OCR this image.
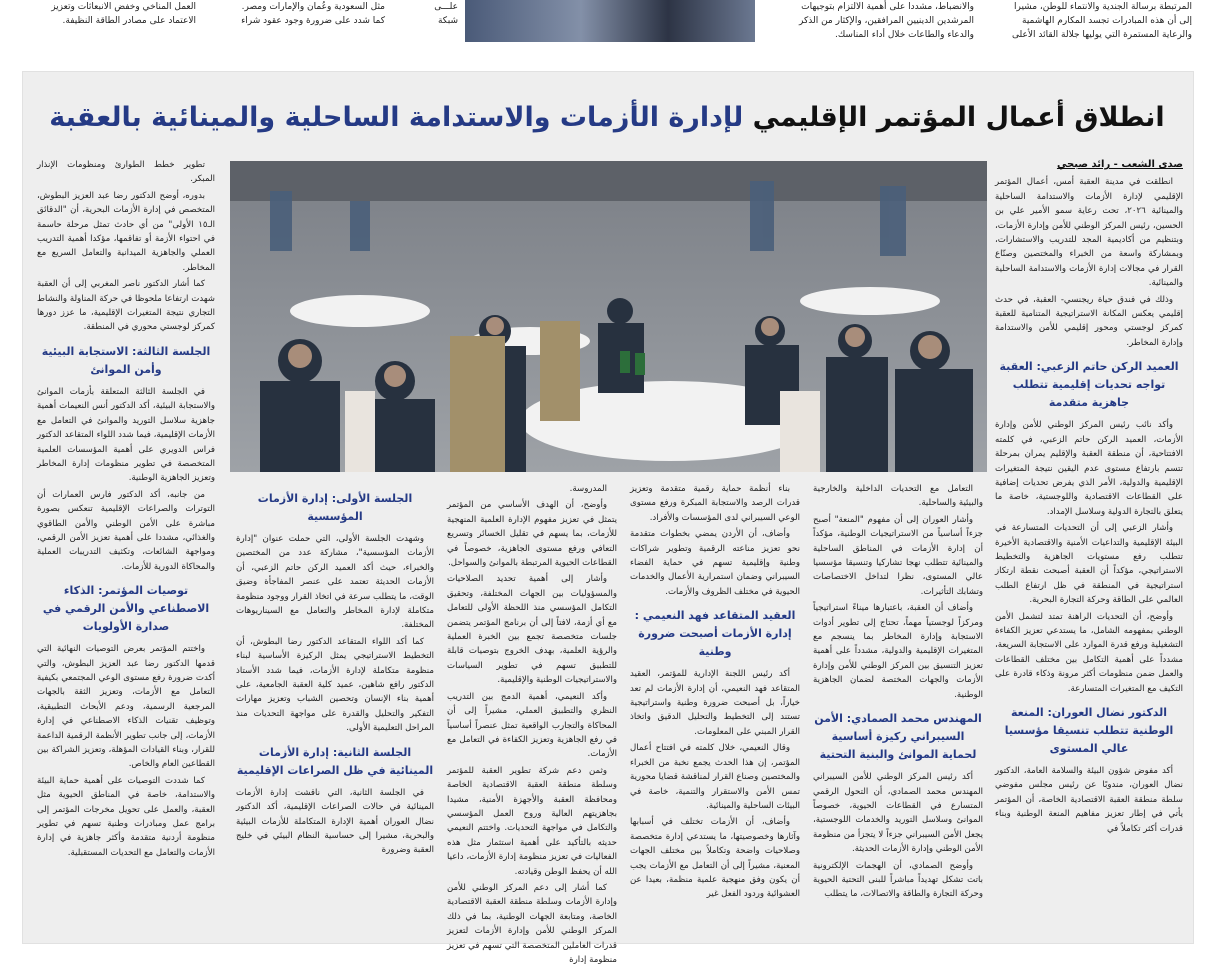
المرتبطة برسالة الجندية والانتماء للوطن، مشيرا
إلى أن هذه المبادرات تجسد المكارم الهاشمية
والرعاية المستمرة التي يوليها جلالة القائد الأعلى
والانضباط، مشددا على أهمية الالتزام بتوجيهات
المرشدين الدينيين المرافقين، والإكثار من الذكر
والدعاء والطاعات خلال أداء المناسك.
علـــى
شبكة
مثل السعودية وعُمان والإمارات ومصر.
كما شدد على ضرورة وجود عقود شراء
العمل المناخي وخفض الانبعاثات وتعزيز
الاعتماد على مصادر الطاقة النظيفة.
انطلاق أعمال المؤتمر الإقليمي لإدارة الأزمات والاستدامة الساحلية والمينائية بالعقبة
صدى الشعب - رائد صبحي

انطلقت في مدينة العقبة أمس، أعمال المؤتمر الإقليمي لإدارة الأزمات والاستدامة الساحلية والمينائية ٢٠٢٦، تحت رعاية سمو الأمير علي بن الحسين، رئيس المركز الوطني للأمن وإدارة الأزمات، وبتنظيم من أكاديمية المجد للتدريب والاستشارات، وبمشاركة واسعة من الخبراء والمختصين وصنّاع القرار في مجالات إدارة الأزمات والاستدامة الساحلية والمينائية.

وذلك في فندق حياة ريجنسي- العقبة، في حدث إقليمي يعكس المكانة الاستراتيجية المتنامية للعقبة كمركز لوجستي ومحور إقليمي للأمن والاستدامة وإدارة المخاطر.

العميد الركن حاتم الزعبي: العقبة تواجه تحديات إقليمية تتطلب جاهزية متقدمة

وأكد نائب رئيس المركز الوطني للأمن وإدارة الأزمات، العميد الركن حاتم الزعبي، في كلمته الافتتاحية، أن منطقة العقبة والإقليم يمران بمرحلة تتسم بارتفاع مستوى عدم اليقين نتيجة المتغيرات الإقليمية والدولية، الأمر الذي يفرض تحديات إضافية على القطاعات الاقتصادية واللوجستية، خاصة ما يتعلق بالتجارة الدولية وسلاسل الإمداد.

وأشار الزعبي إلى أن التحديات المتسارعة في البيئة الإقليمية والتداعيات الأمنية والاقتصادية الأخيرة تتطلب رفع مستويات الجاهزية والتخطيط الاستراتيجي، مؤكداً أن العقبة أصبحت نقطة ارتكاز استراتيجية في المنطقة في ظل ارتفاع الطلب العالمي على الطاقة وحركة التجارة البحرية.

وأوضح، أن التحديات الراهنة تمتد لتشمل الأمن الوطني بمفهومه الشامل، ما يستدعي تعزيز الكفاءة التشغيلية ورفع قدرة الموارد على الاستجابة السريعة، مشدداً على أهمية التكامل بين مختلف القطاعات والعمل ضمن منظومات أكثر مرونة وذكاء قادرة على التكيف مع المتغيرات المتسارعة.

الدكتور نضال العوران: المنعة الوطنية تتطلب تنسيقا مؤسسيا عالي المستوى

أكد مفوض شؤون البيئة والسلامة العامة، الدكتور نضال العوران، مندوبًا عن رئيس مجلس مفوضي سلطة منطقة العقبة الاقتصادية الخاصة، أن المؤتمر يأتي في إطار تعزيز مفاهيم المنعة الوطنية وبناء قدرات أكثر تكاملاً في

التعامل مع التحديات الداخلية والخارجية والبيئية والساحلية.

وأشار العوران إلى أن مفهوم "المنعة" أصبح جزءاً أساسياً من الاستراتيجيات الوطنية، مؤكداً أن إدارة الأزمات في المناطق الساحلية والمينائية تتطلب نهجا تشاركيا وتنسيقا مؤسسيا عالي المستوى، نظرا لتداخل الاختصاصات وتشابك التأثيرات.

وأضاف أن العقبة، باعتبارها ميناءً استراتيجياً ومركزاً لوجستياً مهماً، تحتاج إلى تطوير أدوات الاستجابة وإدارة المخاطر بما ينسجم مع المتغيرات الإقليمية والدولية، مشدداً على أهمية تعزيز التنسيق بين المركز الوطني للأمن وإدارة الأزمات والجهات المختصة لضمان الجاهزية الوطنية.

المهندس محمد الصمادي: الأمن السيبراني ركيزة أساسية لحماية الموانئ والبنية التحتية

أكد رئيس المركز الوطني للأمن السيبراني المهندس محمد الصمادي، أن التحول الرقمي المتسارع في القطاعات الحيوية، خصوصاً الموانئ وسلاسل التوريد والخدمات اللوجستية، يجعل الأمن السيبراني جزءاً لا يتجزأ من منظومة الأمن الوطني وإدارة الأزمات الحديثة.

وأوضح الصمادي، أن الهجمات الإلكترونية باتت تشكل تهديداً مباشراً للبنى التحتية الحيوية وحركة التجارة والطاقة والاتصالات، ما يتطلب

بناء أنظمة حماية رقمية متقدمة وتعزيز قدرات الرصد والاستجابة المبكرة ورفع مستوى الوعي السيبراني لدى المؤسسات والأفراد.

وأضاف، أن الأردن يمضي بخطوات متقدمة نحو تعزيز مناعته الرقمية وتطوير شراكات وطنية وإقليمية تسهم في حماية الفضاء السيبراني وضمان استمرارية الأعمال والخدمات الحيوية في مختلف الظروف والأزمات.

العقيد المتقاعد فهد النعيمي : إدارة الأزمات أصبحت ضرورة وطنية

أكد رئيس اللجنة الإدارية للمؤتمر، العقيد المتقاعد فهد النعيمي، أن إدارة الأزمات لم تعد خياراً، بل أصبحت ضرورة وطنية واستراتيجية تستند إلى التخطيط والتحليل الدقيق واتخاذ القرار المبني على المعلومات.

وقال النعيمي، خلال كلمته في افتتاح أعمال المؤتمر، إن هذا الحدث يجمع نخبة من الخبراء والمختصين وصناع القرار لمناقشة قضايا محورية تمس الأمن والاستقرار والتنمية، خاصة في البيئات الساحلية والمينائية.

وأضاف، أن الأزمات تختلف في أسبابها وآثارها وخصوصيتها، ما يستدعي إدارة متخصصة وصلاحيات واضحة وتكاملاً بين مختلف الجهات المعنية، مشيراً إلى أن التعامل مع الأزمات يجب أن يكون وفق منهجية علمية منظمة، بعيدا عن العشوائية وردود الفعل غير

المدروسة.

وأوضح، أن الهدف الأساسي من المؤتمر يتمثل في تعزيز مفهوم الإدارة العلمية المنهجية للأزمات، بما يسهم في تقليل الخسائر وتسريع التعافي ورفع مستوى الجاهزية، خصوصاً في القطاعات الحيوية المرتبطة بالموانئ والسواحل.

وأشار إلى أهمية تحديد الصلاحيات والمسؤوليات بين الجهات المختلفة، وتحقيق التكامل المؤسسي منذ اللحظة الأولى للتعامل مع أي أزمة، لافتاً إلى أن برنامج المؤتمر يتضمن جلسات متخصصة تجمع بين الخبرة العملية والرؤية العلمية، بهدف الخروج بتوصيات قابلة للتطبيق تسهم في تطوير السياسات والاستراتيجيات الوطنية والإقليمية.

وأكد النعيمي، أهمية الدمج بين التدريب النظري والتطبيق العملي، مشيراً إلى أن المحاكاة والتجارب الواقعية تمثل عنصراً أساسياً في رفع الجاهزية وتعزيز الكفاءة في التعامل مع الأزمات.

وثمن دعم شركة تطوير العقبة للمؤتمر وسلطة منطقة العقبة الاقتصادية الخاصة ومحافظة العقبة والأجهزة الأمنية، مشيدا بجاهزيتهم العالية وروح العمل المؤسسي والتكامل في مواجهة التحديات. واختتم النعيمي حديثه بالتأكيد على أهمية استثمار مثل هذه الفعاليات في تعزيز منظومة إدارة الأزمات، داعيا الله أن يحفظ الوطن وقيادته.

كما أشار إلى دعم المركز الوطني للأمن وإدارة الأزمات وسلطة منطقة العقبة الاقتصادية الخاصة، ومتابعة الجهات الوطنية، بما في ذلك المركز الوطني للأمن وإدارة الأزمات لتعزيز قدرات العاملين المتخصصة التي تسهم في تعزيز منظومة إدارة

الجلسة الأولى: إدارة الأزمات المؤسسية

وشهدت الجلسة الأولى، التي حملت عنوان "إدارة الأزمات المؤسسية"، مشاركة عدد من المختصين والخبراء، حيث أكد العميد الركن حاتم الزعبي، أن الأزمات الحديثة تعتمد على عنصر المفاجأة وضيق الوقت، ما يتطلب سرعة في اتخاذ القرار ووجود منظومة متكاملة لإدارة المخاطر والتعامل مع السيناريوهات المختلفة.

كما أكد اللواء المتقاعد الدكتور رضا البطوش، أن التخطيط الاستراتيجي يمثل الركيزة الأساسية لبناء منظومة متكاملة لإدارة الأزمات، فيما شدد الأستاذ الدكتور رافع شاهين، عميد كلية العقبة الجامعية، على أهمية بناء الإنسان وتحصين الشباب وتعزيز مهارات التفكير والتحليل والقدرة على مواجهة التحديات منذ المراحل التعليمية الأولى.

الجلسة الثانية: إدارة الأزمات المينائية في ظل الصراعات الإقليمية

في الجلسة الثانية، التي ناقشت إدارة الأزمات المينائية في حالات الصراعات الإقليمية، أكد الدكتور نضال العوران أهمية الإدارة المتكاملة للأزمات البيئية والبحرية، مشيرا إلى حساسية النظام البيئي في خليج العقبة وضرورة

تطوير خطط الطوارئ ومنظومات الإنذار المبكر.

بدوره، أوضح الدكتور رضا عبد العزيز البطوش، المتخصص في إدارة الأزمات البحرية، أن "الدقائق الـ١٥ الأولى" من أي حادث تمثل مرحلة حاسمة في احتواء الأزمة أو تفاقمها، مؤكدا أهمية التدريب العملي والجاهزية الميدانية والتعامل السريع مع المخاطر.

كما أشار الدكتور ناصر المغربي إلى أن العقبة شهدت ارتفاعا ملحوظا في حركة المناولة والنشاط التجاري نتيجة المتغيرات الإقليمية، ما عزز دورها كمركز لوجستي محوري في المنطقة.

الجلسة الثالثة: الاستجابة البيئية وأمن الموانئ

في الجلسة الثالثة المتعلقة بأزمات الموانئ والاستجابة البيئية، أكد الدكتور أنس النعيمات أهمية جاهزية سلاسل التوريد والموانئ في التعامل مع الأزمات الإقليمية، فيما شدد اللواء المتقاعد الدكتور فراس الدويري على أهمية المؤسسات العلمية المتخصصة في تطوير منظومات إدارة المخاطر وتعزيز الجاهزية الوطنية.

من جانبه، أكد الدكتور فارس العمارات أن التوترات والصراعات الإقليمية تنعكس بصورة مباشرة على الأمن الوطني والأمن الطاقوي والغذائي، مشددا على أهمية تعزيز الأمن الرقمي، ومواجهة الشائعات، وتكثيف التدريبات العملية والمحاكاة الدورية للأزمات.

توصيات المؤتمر: الذكاء الاصطناعي والأمن الرقمي في صدارة الأولويات

واختتم المؤتمر بعرض التوصيات النهائية التي قدمها الدكتور رضا عبد العزيز البطوش، والتي أكدت ضرورة رفع مستوى الوعي المجتمعي بكيفية التعامل مع الأزمات، وتعزيز الثقة بالجهات المرجعية الرسمية، ودعم الأبحاث التطبيقية، وتوظيف تقنيات الذكاء الاصطناعي في إدارة الأزمات، إلى جانب تطوير الأنظمة الرقمية الداعمة للقرار، وبناء القيادات المؤهلة، وتعزيز الشراكة بين القطاعين العام والخاص.

كما شددت التوصيات على أهمية حماية البيئة والاستدامة، خاصة في المناطق الحيوية مثل العقبة، والعمل على تحويل مخرجات المؤتمر إلى برامج عمل ومبادرات وطنية تسهم في تطوير منظومة أردنية متقدمة وأكثر جاهزية في إدارة الأزمات والتعامل مع التحديات المستقبلية.
